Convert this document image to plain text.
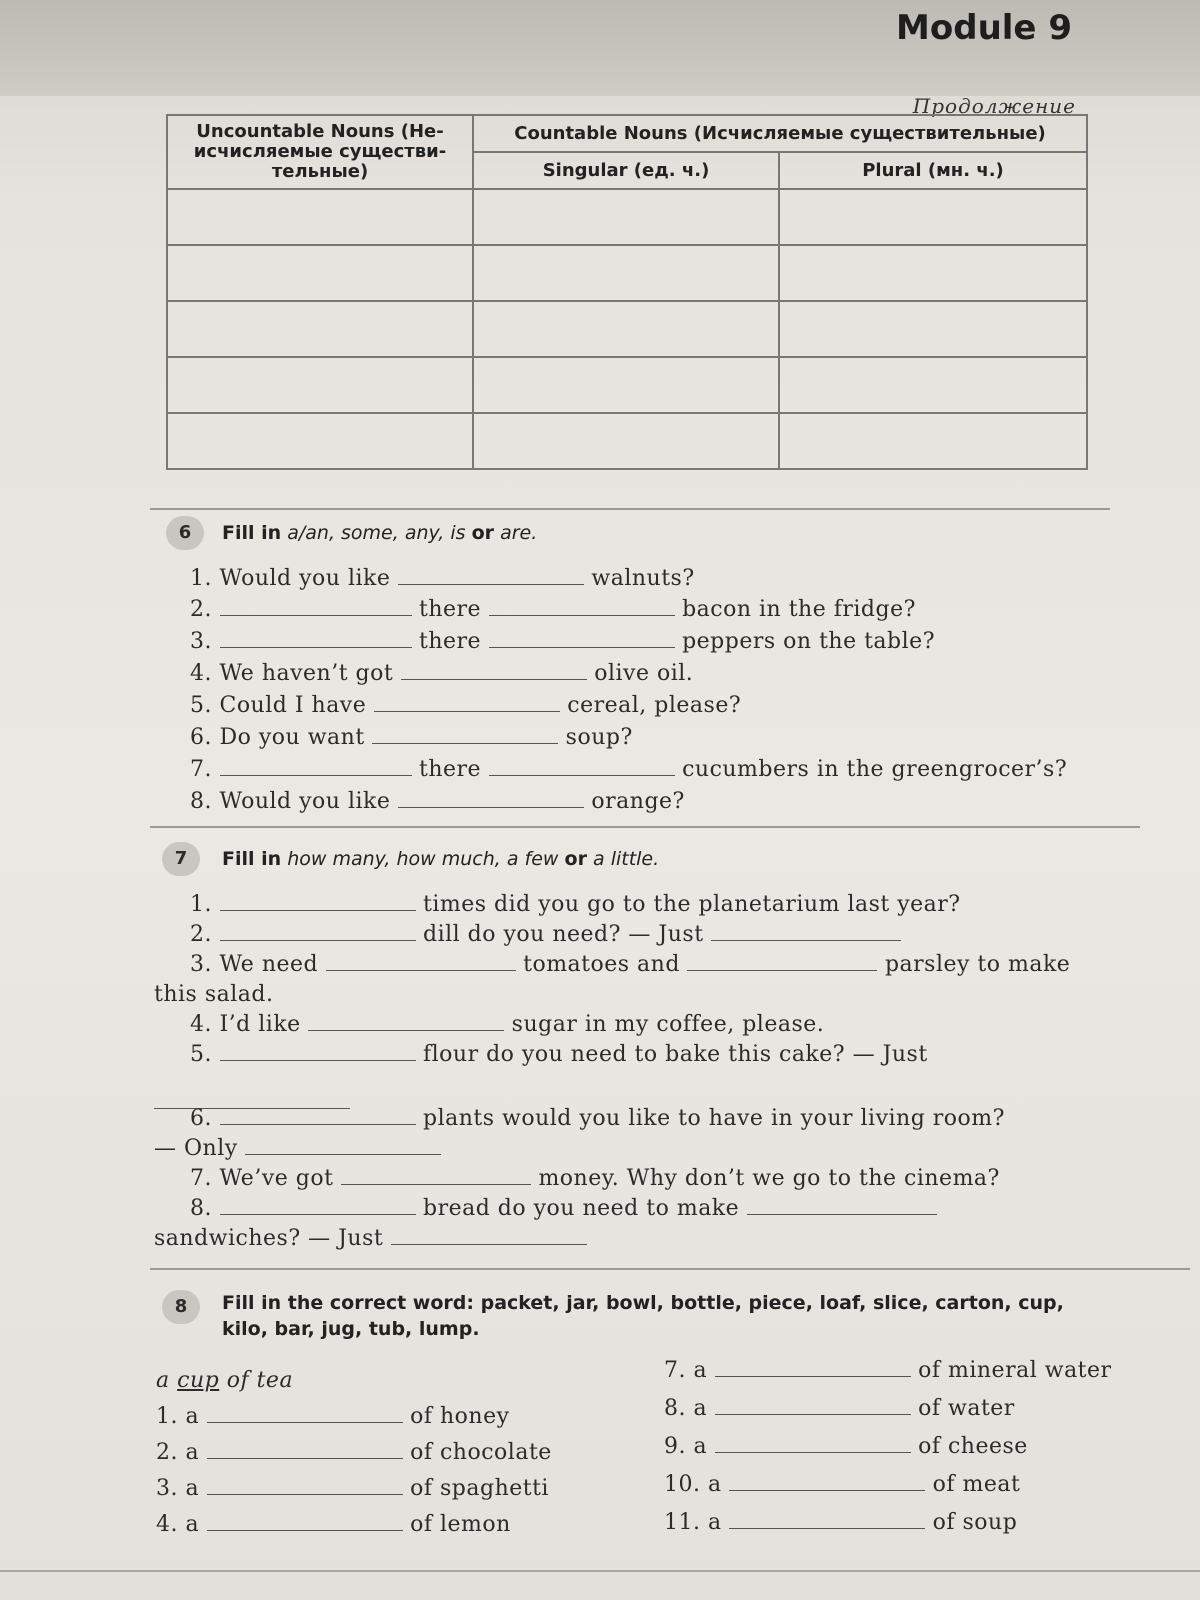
Module 9
Продолжение
Uncountable Nouns (Не-исчисляемые существи-тельные)	Countable Nouns (Исчисляемые существительные)	
	Singular (ед. ч.)	Plural (мн. ч.)

6	Fill in a/an, some, any, is or are.
1. Would you like	walnuts?
2.	there	bacon in the fridge?
3.	there	peppers on the table?
4. We haven’t got	olive oil.
5. Could I have	cereal, please?
6. Do you want	soup?
7.	there	cucumbers in the greengrocer’s?
8. Would you like	orange?
7	Fill in how many, how much, a few or a little.
1.	times did you go to the planetarium last year?
2.	dill do you need? — Just
3. We need	tomatoes and	parsley to make
this salad.
4. I’d like	sugar in my coffee, please.
5.	flour do you need to bake this cake? — Just
6.	plants would you like to have in your living room?
— Only
7. We’ve got	money. Why don’t we go to the cinema?
8.	bread do you need to make
sandwiches? — Just
8	Fill in the correct word: packet, jar, bowl, bottle, piece, loaf, slice, carton, cup,
kilo, bar, jug, tub, lump.
a cup of tea
1. a	of honey
2. a	of chocolate
3. a	of spaghetti
4. a	of lemon
7. a	of mineral water
8. a	of water
9. a	of cheese
10. a	of meat
11. a	of soup
